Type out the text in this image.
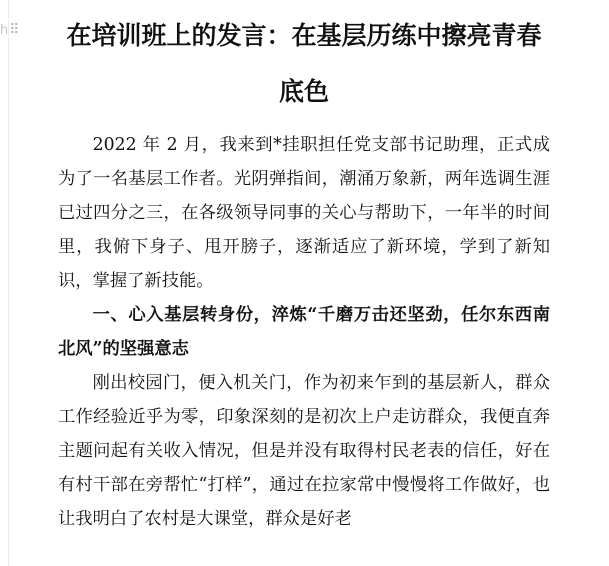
h⠿	在培训班上的发言：在基层历练中擦亮青春底色

2022 年 2 月，我来到*挂职担任党支部书记助理，正式成为了一名基层工作者。光阴弹指间，潮涌万象新，两年选调生涯已过四分之三，在各级领导同事的关心与帮助下，一年半的时间里，我俯下身子、甩开膀子，逐渐适应了新环境，学到了新知识，掌握了新技能。

一、心入基层转身份，淬炼“千磨万击还坚劲，任尔东西南北风”的坚强意志

刚出校园门，便入机关门，作为初来乍到的基层新人，群众工作经验近乎为零，印象深刻的是初次上户走访群众，我便直奔主题问起有关收入情况，但是并没有取得村民老表的信任，好在有村干部在旁帮忙“打样”，通过在拉家常中慢慢将工作做好，也让我明白了农村是大课堂，群众是好老
